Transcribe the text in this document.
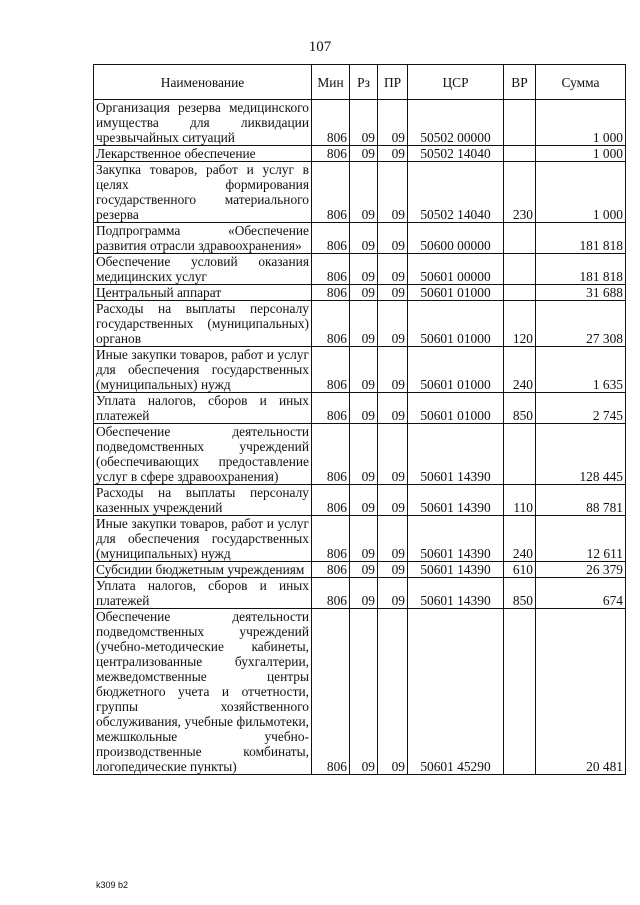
107
Наименование	Мин	Рз	ПР	ЦСР	ВР	Сумма
Организация резерва медицинского имущества для ликвидации чрезвычайных ситуаций	806	09	09	50502 00000		1 000
Лекарственное обеспечение	806	09	09	50502 14040		1 000
Закупка товаров, работ и услуг в целях формирования государственного материального резерва	806	09	09	50502 14040	230	1 000
Подпрограмма «Обеспечение развития отрасли здравоохранения»	806	09	09	50600 00000		181 818
Обеспечение условий оказания медицинских услуг	806	09	09	50601 00000		181 818
Центральный аппарат	806	09	09	50601 01000		31 688
Расходы на выплаты персоналу государственных (муниципальных) органов	806	09	09	50601 01000	120	27 308
Иные закупки товаров, работ и услуг для обеспечения государственных (муниципальных) нужд	806	09	09	50601 01000	240	1 635
Уплата налогов, сборов и иных платежей	806	09	09	50601 01000	850	2 745
Обеспечение деятельности подведомственных учреждений (обеспечивающих предоставление услуг в сфере здравоохранения)	806	09	09	50601 14390		128 445
Расходы на выплаты персоналу казенных учреждений	806	09	09	50601 14390	110	88 781
Иные закупки товаров, работ и услуг для обеспечения государственных (муниципальных) нужд	806	09	09	50601 14390	240	12 611
Субсидии бюджетным учреждениям	806	09	09	50601 14390	610	26 379
Уплата налогов, сборов и иных платежей	806	09	09	50601 14390	850	674
Обеспечение деятельности подведомственных учреждений (учебно-методические кабинеты, централизованные бухгалтерии, межведомственные центры бюджетного учета и отчетности, группы хозяйственного обслуживания, учебные фильмотеки, межшкольные учебно-производственные комбинаты, логопедические пункты)	806	09	09	50601 45290		20 481
k309 b2
